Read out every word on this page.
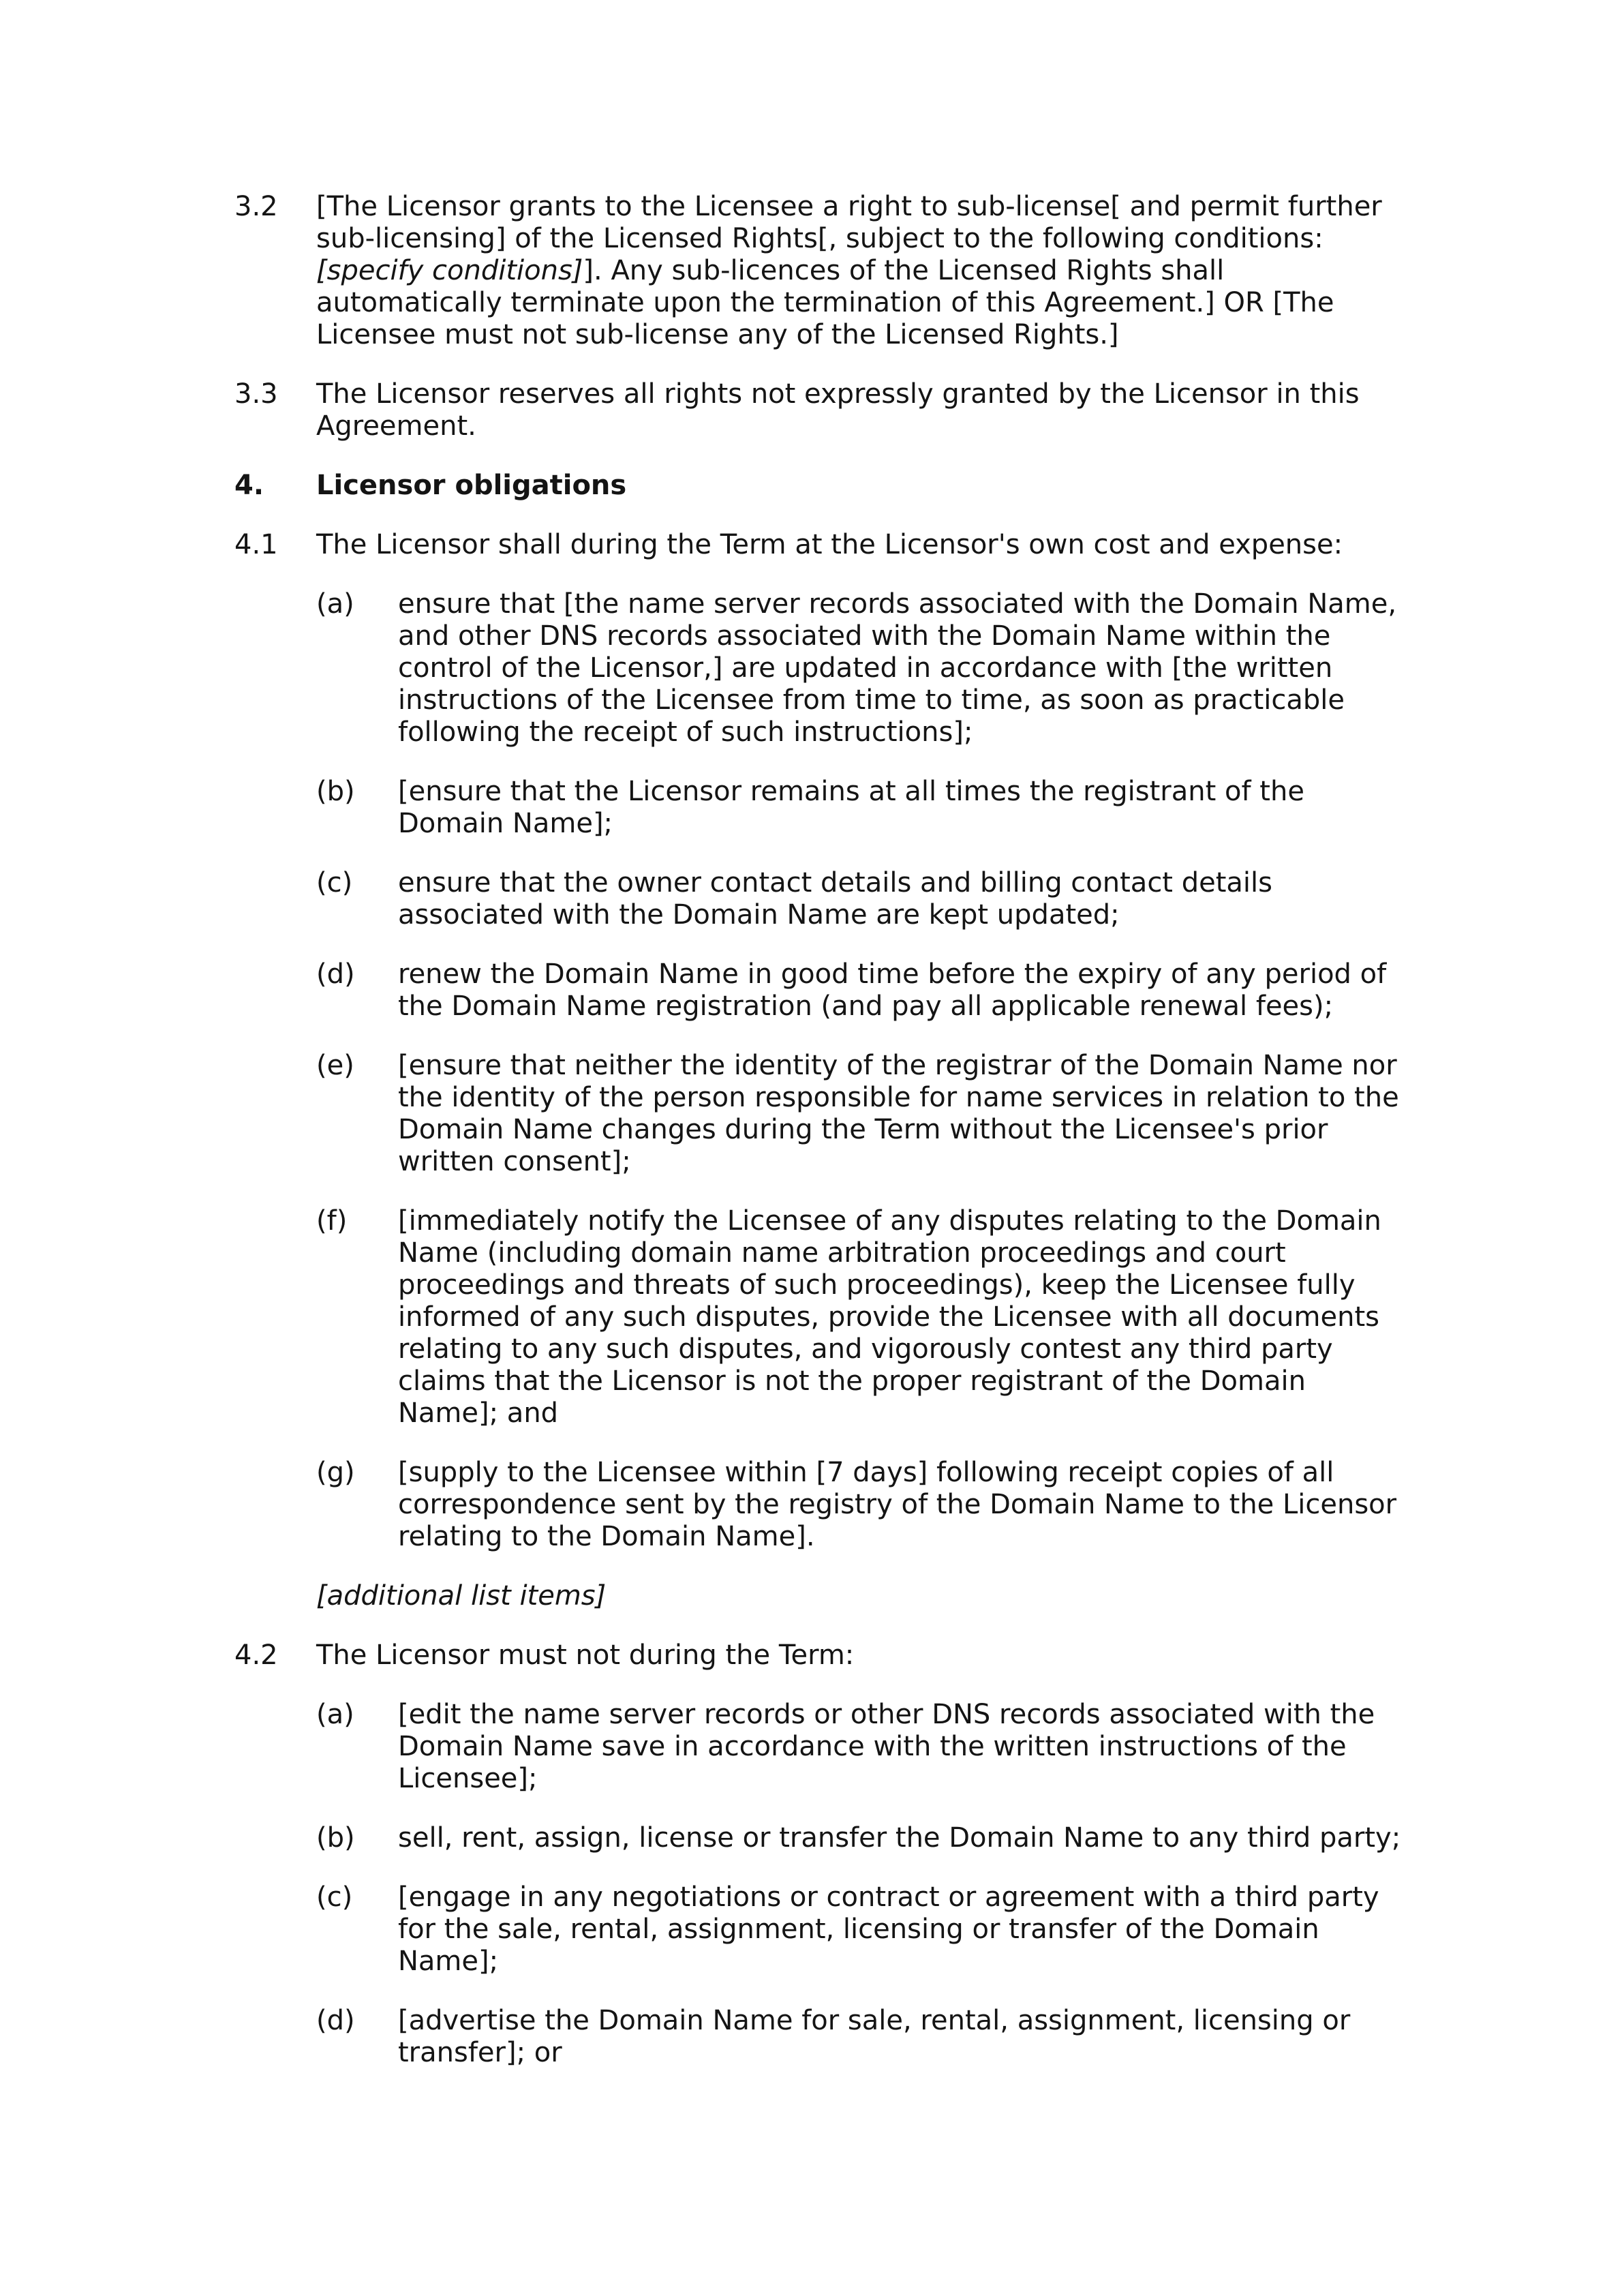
3.2 [The Licensor grants to the Licensee a right to sub-license[ and permit further sub-licensing] of the Licensed Rights[, subject to the following conditions: [specify conditions]]. Any sub-licences of the Licensed Rights shall automatically terminate upon the termination of this Agreement.] OR [The Licensee must not sub-license any of the Licensed Rights.]
3.3 The Licensor reserves all rights not expressly granted by the Licensor in this Agreement.
4. Licensor obligations
4.1 The Licensor shall during the Term at the Licensor's own cost and expense:
(a) ensure that [the name server records associated with the Domain Name, and other DNS records associated with the Domain Name within the control of the Licensor,] are updated in accordance with [the written instructions of the Licensee from time to time, as soon as practicable following the receipt of such instructions];
(b) [ensure that the Licensor remains at all times the registrant of the Domain Name];
(c) ensure that the owner contact details and billing contact details associated with the Domain Name are kept updated;
(d) renew the Domain Name in good time before the expiry of any period of the Domain Name registration (and pay all applicable renewal fees);
(e) [ensure that neither the identity of the registrar of the Domain Name nor the identity of the person responsible for name services in relation to the Domain Name changes during the Term without the Licensee's prior written consent];
(f) [immediately notify the Licensee of any disputes relating to the Domain Name (including domain name arbitration proceedings and court proceedings and threats of such proceedings), keep the Licensee fully informed of any such disputes, provide the Licensee with all documents relating to any such disputes, and vigorously contest any third party claims that the Licensor is not the proper registrant of the Domain Name]; and
(g) [supply to the Licensee within [7 days] following receipt copies of all correspondence sent by the registry of the Domain Name to the Licensor relating to the Domain Name].
[additional list items]
4.2 The Licensor must not during the Term:
(a) [edit the name server records or other DNS records associated with the Domain Name save in accordance with the written instructions of the Licensee];
(b) sell, rent, assign, license or transfer the Domain Name to any third party;
(c) [engage in any negotiations or contract or agreement with a third party for the sale, rental, assignment, licensing or transfer of the Domain Name];
(d) [advertise the Domain Name for sale, rental, assignment, licensing or transfer]; or
